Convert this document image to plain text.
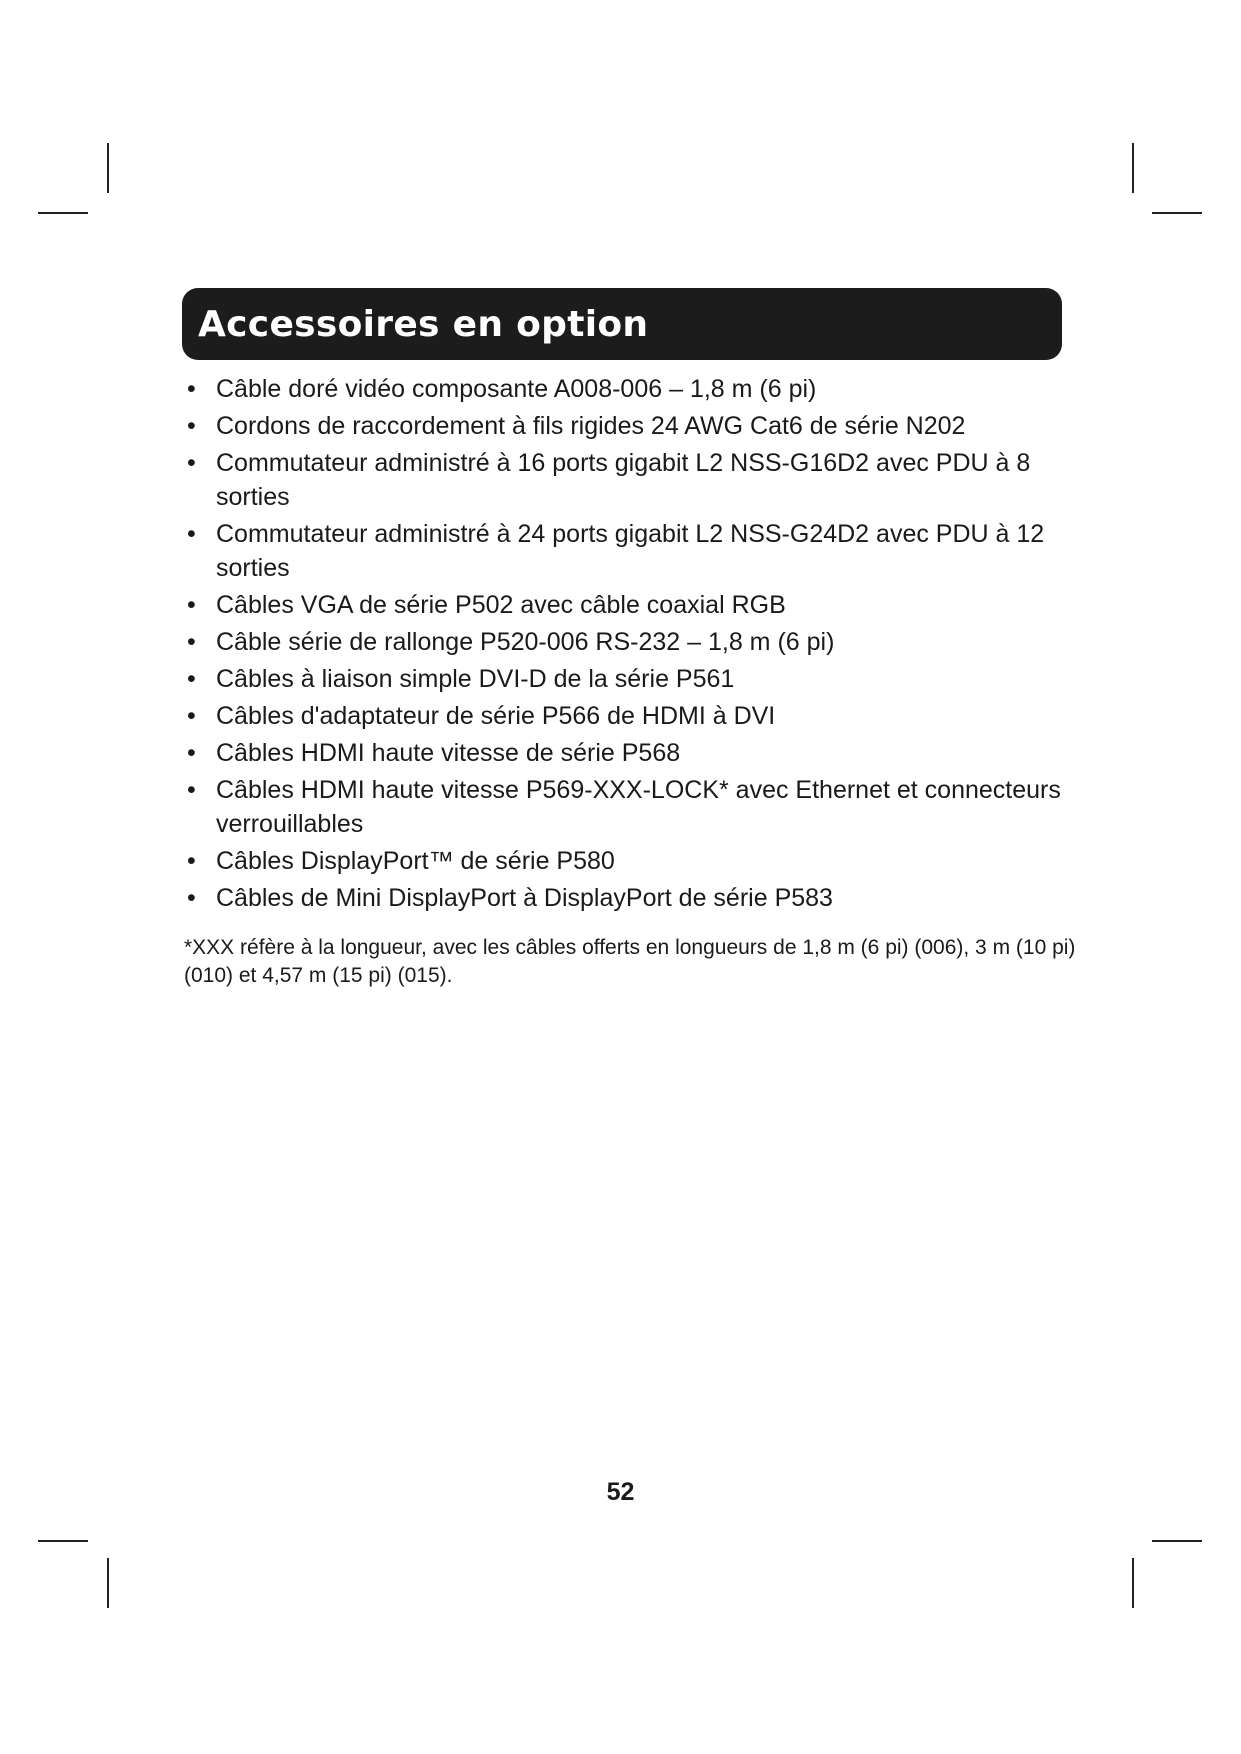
Accessoires en option
• Câble doré vidéo composante A008-006 – 1,8 m (6 pi)
• Cordons de raccordement à fils rigides 24 AWG Cat6 de série N202
• Commutateur administré à 16 ports gigabit L2 NSS-G16D2 avec PDU à 8 sorties
• Commutateur administré à 24 ports gigabit L2 NSS-G24D2 avec PDU à 12 sorties
• Câbles VGA de série P502 avec câble coaxial RGB
• Câble série de rallonge P520-006 RS-232 – 1,8 m (6 pi)
• Câbles à liaison simple DVI-D de la série P561
• Câbles d'adaptateur de série P566 de HDMI à DVI
• Câbles HDMI haute vitesse de série P568
• Câbles HDMI haute vitesse P569-XXX-LOCK* avec Ethernet et connecteurs verrouillables
• Câbles DisplayPort™ de série P580
• Câbles de Mini DisplayPort à DisplayPort de série P583

*XXX réfère à la longueur, avec les câbles offerts en longueurs de 1,8 m (6 pi) (006), 3 m (10 pi) (010) et 4,57 m (15 pi) (015).

52
